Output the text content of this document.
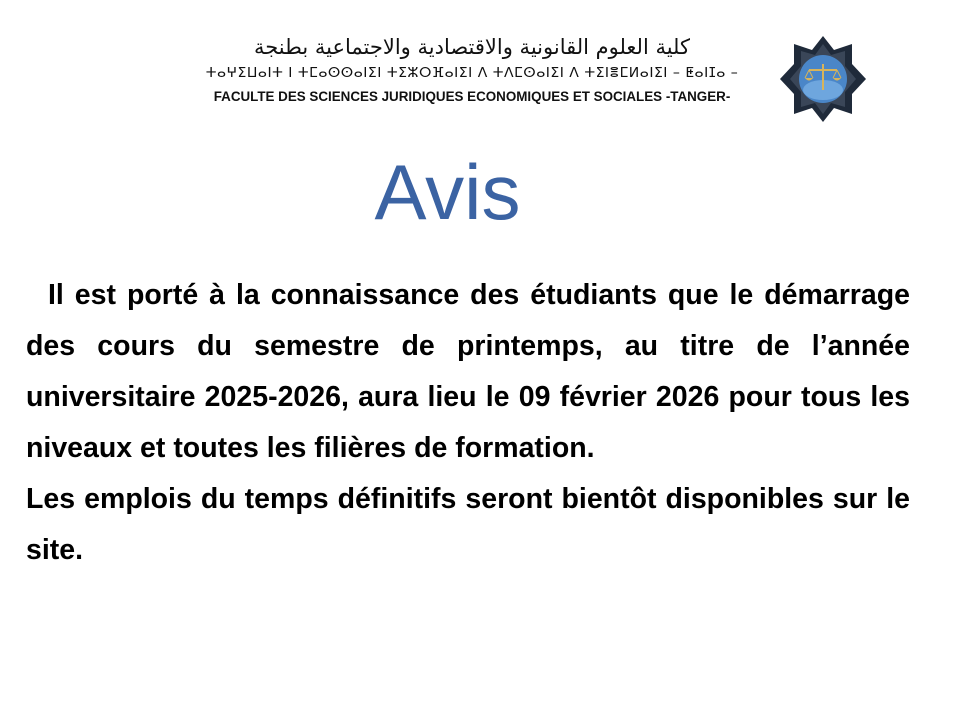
كلية العلوم القانونية والاقتصادية والاجتماعية بطنجة
ⵜⴰⵖⵉⵡⴰⵏⵜ ⵏ ⵜⵎⴰⵙⵙⴰⵏⵉⵏ ⵜⵉⵣⵔⴼⴰⵏⵉⵏ ⴷ ⵜⴷⵎⵙⴰⵏⵉⵏ ⴷ ⵜⵉⵏⴻⵎⵍⴰⵏⵉⵏ – ⵟⴰⵏⵊⴰ –
FACULTE DES SCIENCES JURIDIQUES ECONOMIQUES ET SOCIALES -TANGER-
Avis

Il est porté à la connaissance des étudiants que le démarrage des cours du semestre de printemps, au titre de l’année universitaire 2025-2026, aura lieu le 09 février 2026 pour tous les niveaux et toutes les filières de formation.

Les emplois du temps définitifs seront bientôt disponibles sur le site.
